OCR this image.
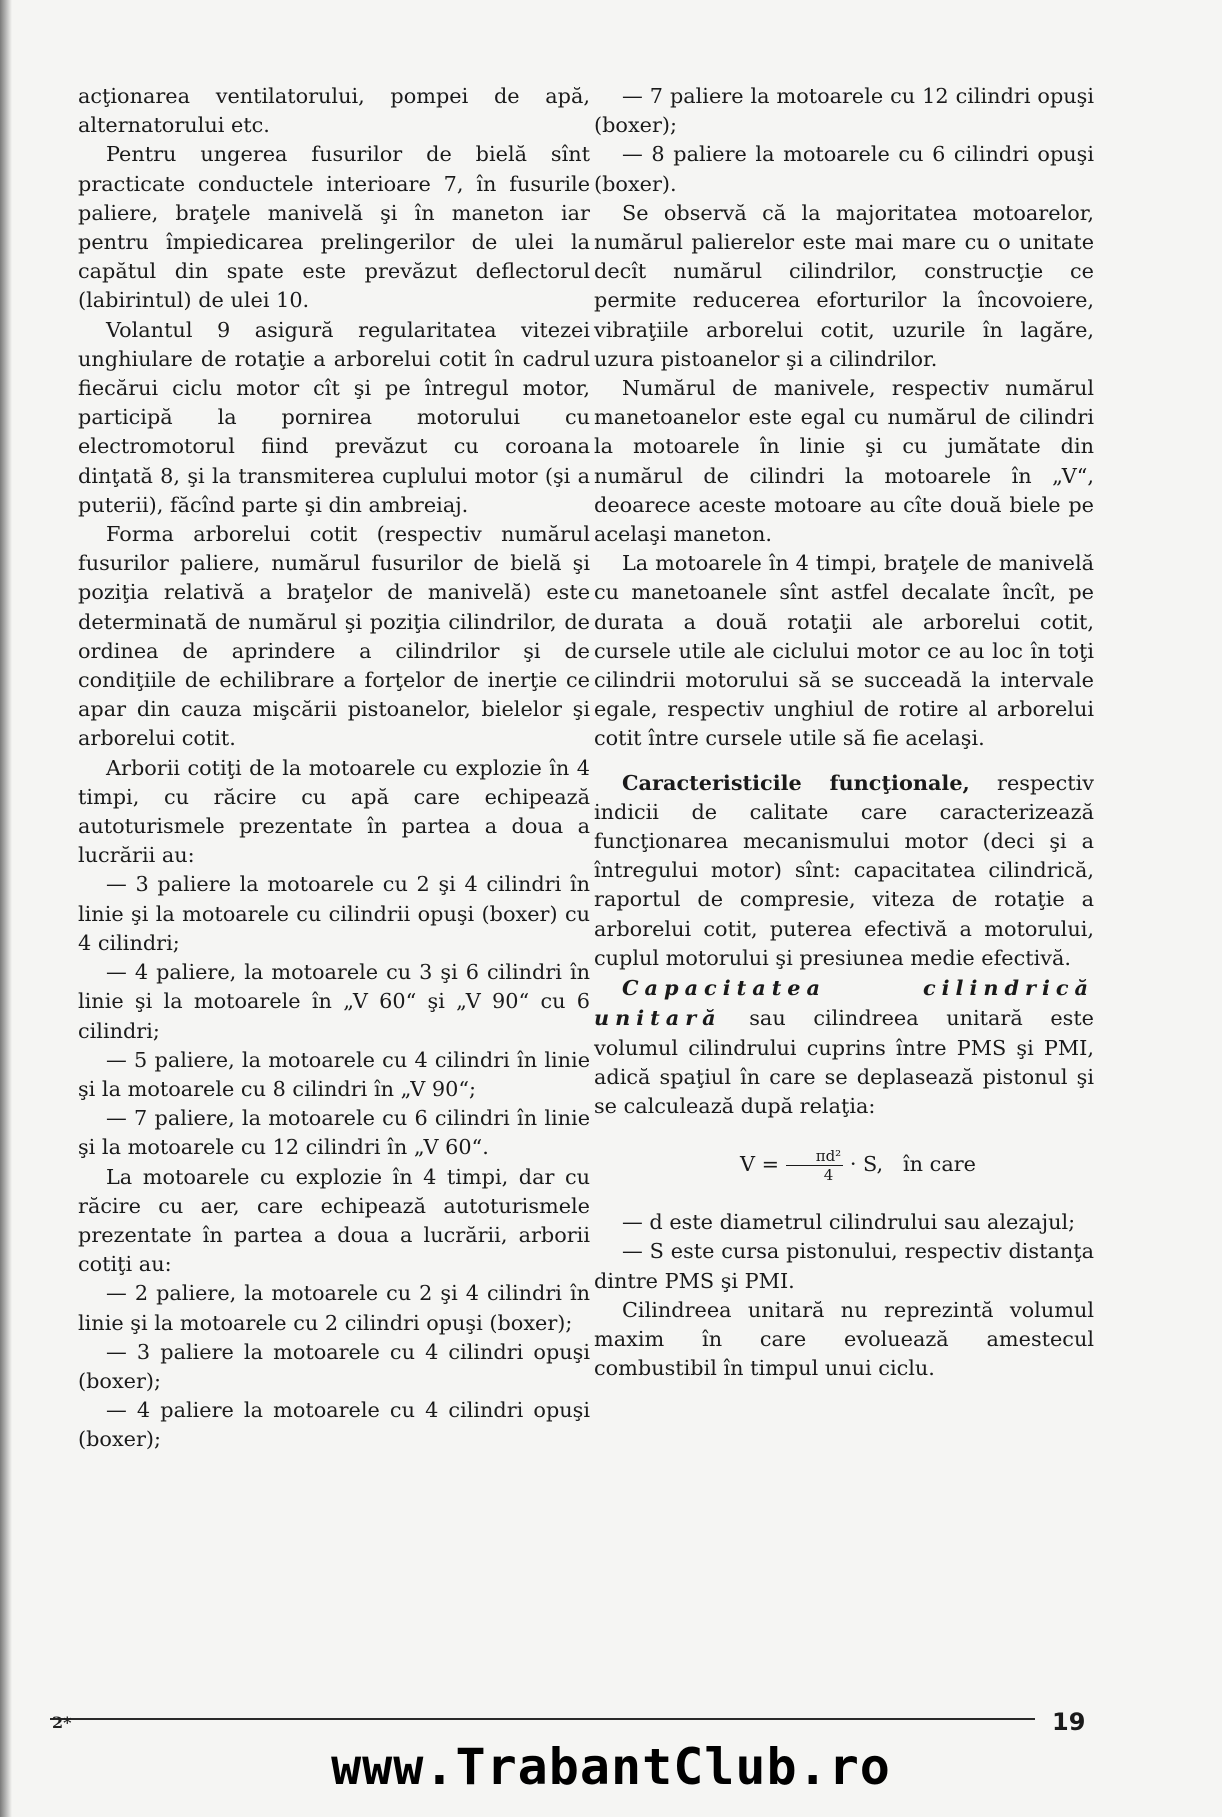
acţionarea ventilatorului, pompei de apă, alternatorului etc.

Pentru ungerea fusurilor de bielă sînt practicate conductele interioare 7, în fusurile paliere, braţele manivelă şi în maneton iar pentru împiedicarea prelingerilor de ulei la capătul din spate este prevăzut deflectorul (labirintul) de ulei 10.

Volantul 9 asigură regularitatea vitezei unghiulare de rotaţie a arborelui cotit în cadrul fiecărui ciclu motor cît şi pe întregul motor, participă la pornirea motorului cu electromotorul fiind prevăzut cu coroana dinţată 8, şi la transmiterea cuplului motor (şi a puterii), făcînd parte şi din ambreiaj.

Forma arborelui cotit (respectiv numărul fusurilor paliere, numărul fusurilor de bielă şi poziţia relativă a braţelor de manivelă) este determinată de numărul şi poziţia cilindrilor, de ordinea de aprindere a cilindrilor şi de condiţiile de echilibrare a forţelor de inerţie ce apar din cauza mişcării pistoanelor, bielelor şi arborelui cotit.

Arborii cotiţi de la motoarele cu explozie în 4 timpi, cu răcire cu apă care echipează autoturismele prezentate în partea a doua a lucrării au:

— 3 paliere la motoarele cu 2 şi 4 cilindri în linie şi la motoarele cu cilindrii opuşi (boxer) cu 4 cilindri;

— 4 paliere, la motoarele cu 3 şi 6 cilindri în linie şi la motoarele în „V 60“ şi „V 90“ cu 6 cilindri;

— 5 paliere, la motoarele cu 4 cilindri în linie şi la motoarele cu 8 cilindri în „V 90“;

— 7 paliere, la motoarele cu 6 cilindri în linie şi la motoarele cu 12 cilindri în „V 60“.

La motoarele cu explozie în 4 timpi, dar cu răcire cu aer, care echipează autoturismele prezentate în partea a doua a lucrării, arborii cotiţi au:

— 2 paliere, la motoarele cu 2 şi 4 cilindri în linie şi la motoarele cu 2 cilindri opuşi (boxer);

— 3 paliere la motoarele cu 4 cilindri opuşi (boxer);

— 4 paliere la motoarele cu 4 cilindri opuşi (boxer);

— 7 paliere la motoarele cu 12 cilindri opuşi (boxer);

— 8 paliere la motoarele cu 6 cilindri opuşi (boxer).

Se observă că la majoritatea motoarelor, numărul palierelor este mai mare cu o unitate decît numărul cilindrilor, construcţie ce permite reducerea eforturilor la încovoiere, vibraţiile arborelui cotit, uzurile în lagăre, uzura pistoanelor şi a cilindrilor.

Numărul de manivele, respectiv numărul manetoanelor este egal cu numărul de cilindri la motoarele în linie şi cu jumătate din numărul de cilindri la motoarele în „V“, deoarece aceste motoare au cîte două biele pe acelaşi maneton.

La motoarele în 4 timpi, braţele de manivelă cu manetoanele sînt astfel decalate încît, pe durata a două rotaţii ale arborelui cotit, cursele utile ale ciclului motor ce au loc în toţi cilindrii motorului să se succeadă la intervale egale, respectiv unghiul de rotire al arborelui cotit între cursele utile să fie acelaşi.

Caracteristicile funcţionale, respectiv indicii de calitate care caracterizează funcţionarea mecanismului motor (deci şi a întregului motor) sînt: capacitatea cilindrică, raportul de compresie, viteza de rotaţie a arborelui cotit, puterea efectivă a motorului, cuplul motorului şi presiunea medie efectivă.

Capacitatea cilindrică unitară sau cilindreea unitară este volumul cilindrului cuprins între PMS şi PMI, adică spaţiul în care se deplasează pistonul şi se calculează după relaţia:

$V = \frac{\text{πd²}}{4} \cdot S$, în care

— d este diametrul cilindrului sau alezajul;

— S este cursa pistonului, respectiv distanţa dintre PMS şi PMI.

Cilindreea unitară nu reprezintă volumul maxim în care evoluează amestecul combustibil în timpul unui ciclu.

2*	19
www.TrabantClub.ro
